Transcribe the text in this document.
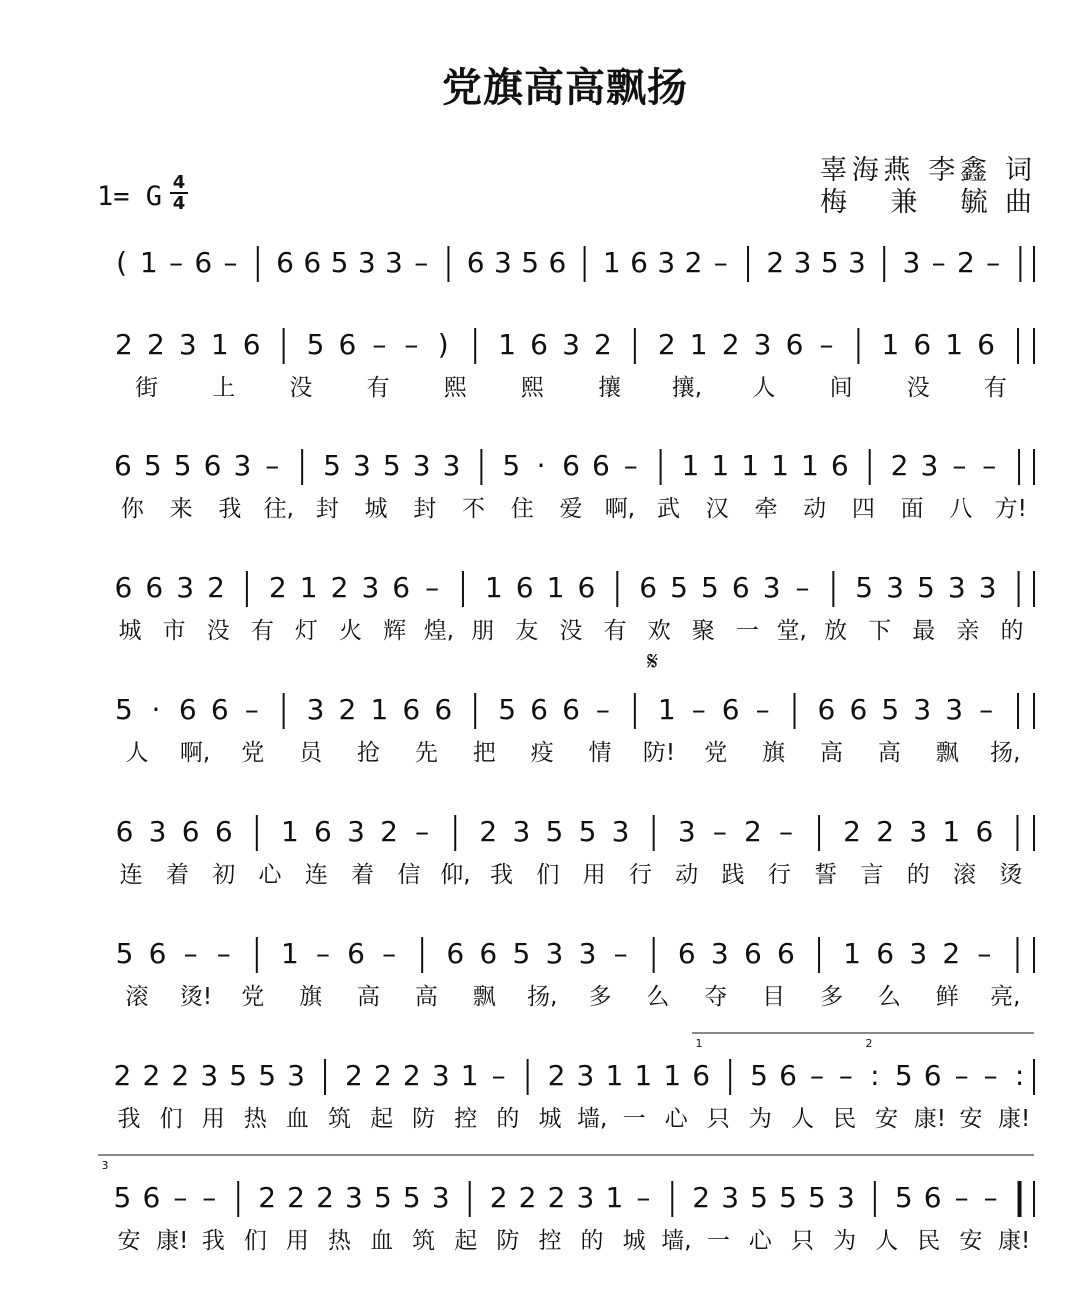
党旗高高飘扬
辜海燕 李鑫 词
梅 兼 毓曲
1= G 4
4
𝄋
( 1 – 6 – 6 6 5 3 3 – 6 3 5 6 1 6 3 2 – 2 3 5 3 3 – 2 –
2 2 3 1 6 5 6 – – )	1 6 3 2 2 1 2 3 6 – 1 6 1 6
街 上 没 有 熙 熙 攘 攘, 人 间 没 有
6 5 5 6 3 – 5 3 5 3 3 5 · 6 6 – 1 1 1 1 1 6 2 3 – –
你 来 我 往, 封 城 封 不 住 爱 啊, 武 汉 牵 动 四 面 八 方!
6 6 3 2 2 1 2 3 6 – 1 6 1 6 6 5 5 6 3 – 5 3 5 3 3
城 市 没 有 灯 火 辉 煌, 朋 友 没 有 欢 聚 一 堂, 放 下 最 亲 的
5 · 6 6 – 3 2 1 6 6 5 6 6 – 1 – 6 – 6 6 5 3 3 –
人 啊, 党 员 抢 先 把 疫 情 防! 党 旗 高 高 飘 扬,
6 3 6 6 1 6 3 2 – 2 3 5 5 3 3 – 2 – 2 2 3 1 6
连 着 初 心 连 着 信 仰, 我 们 用 行 动 践 行 誓 言 的 滚 烫
5 6 – – 1 – 6 – 6 6 5 3 3 – 6 3 6 6 1 6 3 2 –
滚 烫! 党 旗 高 高 飘 扬, 多 么 夺 目 多 么 鲜 亮,
2 2 2 3 5 5 3 2 2 2 3 1 – 2 3 1 1 1 6 5 6 – – : 5 6 – – :
我 们 用 热 血 筑 起 防 控 的 城 墙, 一 心 只 为 人 民 安 康! 安 康!
1	2
5 6 – – 2 2 2 3 5 5 3 2 2 2 3 1 – 2 3 5 5 5 3 5 6 – –
安 康! 我 们 用 热 血 筑 起 防 控 的 城 墙, 一 心 只 为 人 民 安 康!
3
